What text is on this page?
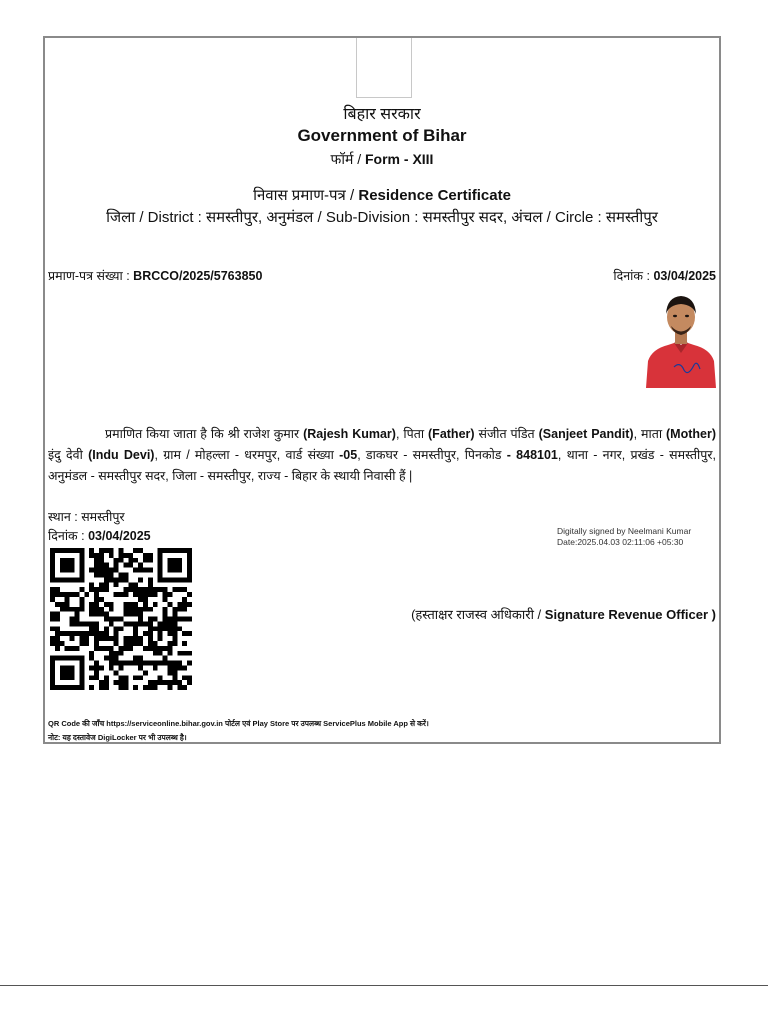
बिहार सरकार
Government of Bihar
फॉर्म / Form - XIII
निवास प्रमाण-पत्र / Residence Certificate
जिला / District : समस्तीपुर, अनुमंडल / Sub-Division : समस्तीपुर सदर, अंचल / Circle : समस्तीपुर
प्रमाण-पत्र संख्या : BRCCO/2025/5763850	दिनांक : 03/04/2025
प्रमाणित किया जाता है कि श्री राजेश कुमार (Rajesh Kumar), पिता (Father) संजीत पंडित (Sanjeet Pandit), माता (Mother) इंदु देवी (Indu Devi), ग्राम / मोहल्ला - धरमपुर, वार्ड संख्या -05, डाकघर - समस्तीपुर, पिनकोड - 848101, थाना - नगर, प्रखंड - समस्तीपुर, अनुमंडल - समस्तीपुर सदर, जिला - समस्तीपुर, राज्य - बिहार के स्थायी निवासी हैं |
स्थान : समस्तीपुर
दिनांक : 03/04/2025	Digitally signed by Neelmani Kumar
Date:2025.04.03 02:11:06 +05:30
(हस्ताक्षर राजस्व अधिकारी / Signature Revenue Officer )
QR Code की जाँच https://serviceonline.bihar.gov.in पोर्टल एवं Play Store पर उपलब्ध ServicePlus Mobile App से करें।
नोट: यह दस्तावेज DigiLocker पर भी उपलब्ध है।
